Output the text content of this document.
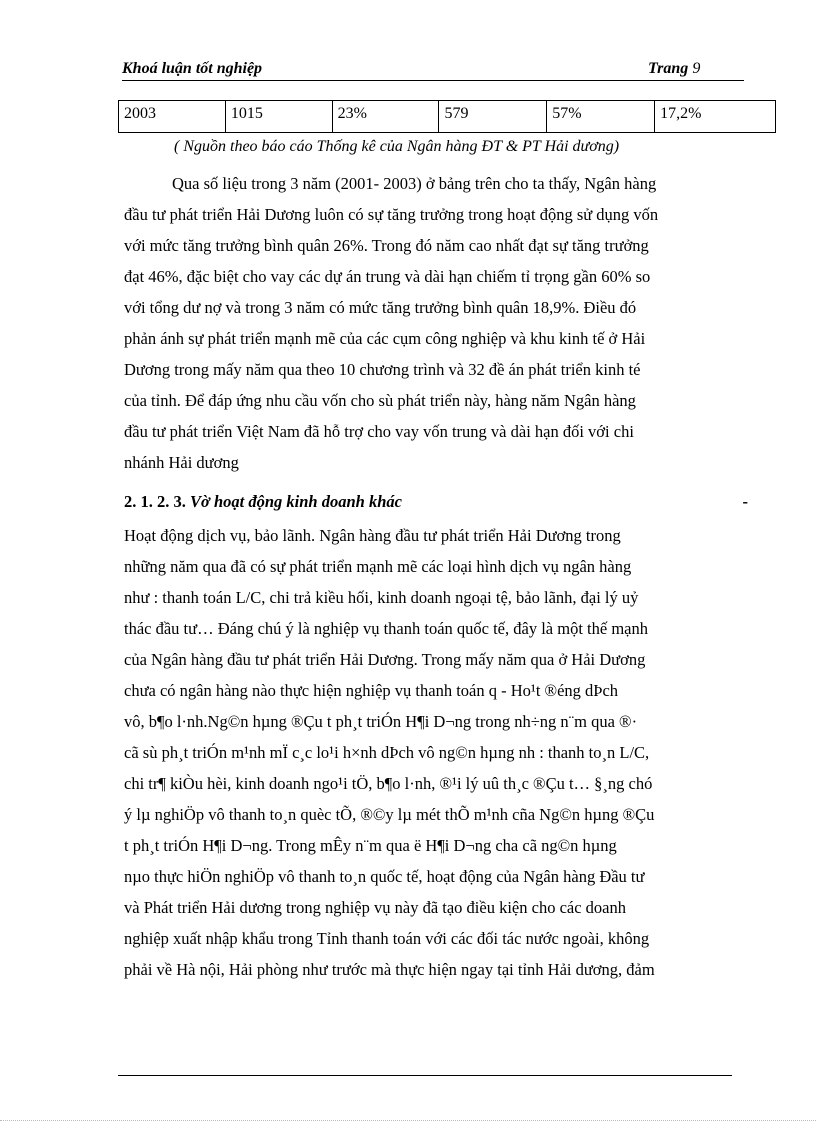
Khoá luận tốt nghiệp	Trang 9
2003	1015	23%	579	57%	17,2%
( Nguồn theo báo cáo Thống kê của Ngân hàng ĐT & PT Hải dương)
Qua số liệu trong 3 năm (2001- 2003) ở bảng trên cho ta thấy, Ngân hàng
đầu tư phát triển Hải Dương luôn có sự tăng trưởng trong hoạt động sử dụng vốn
với mức tăng trưởng bình quân 26%. Trong đó năm cao nhất đạt sự tăng trưởng
đạt 46%, đặc biệt cho vay các dự án trung và dài hạn chiếm tỉ trọng gần 60% so
với tổng dư nợ và trong 3 năm có mức tăng trưởng bình quân 18,9%. Điều đó
phản ánh sự phát triển mạnh mẽ của các cụm công nghiệp và khu kinh tế ở Hải
Dương trong mấy năm qua theo 10 chương trình và 32 đề án phát triển kinh té
của tỉnh. Để đáp ứng nhu cầu vốn cho sù phát triển này, hàng năm Ngân hàng
đầu tư phát triển Việt Nam đã hỗ trợ cho vay vốn trung và dài hạn đối với chi
nhánh Hải dương
2. 1. 2. 3. Vờ hoạt động kinh doanh khác	-
Hoạt động dịch vụ, bảo lãnh. Ngân hàng đầu tư phát triển Hải Dương trong
những năm qua đã có sự phát triển mạnh mẽ các loại hình dịch vụ ngân hàng
như : thanh toán L/C, chi trả kiều hối, kinh doanh ngoại tệ, bảo lãnh, đại lý uỷ
thác đầu tư… Đáng chú ý là nghiệp vụ thanh toán quốc tế, đây là một thế mạnh
của Ngân hàng đầu tư phát triển Hải Dương. Trong mấy năm qua ở Hải Dương
chưa có ngân hàng nào thực hiện nghiệp vụ thanh toán q - Ho¹t ®éng dÞch
vô, b¶o l·nh.Ng©n hµng ®Çu t ph¸t triÓn H¶i D¬ng trong nh÷ng n¨m qua ®·
cã sù ph¸t triÓn m¹nh mÏ c¸c lo¹i h×nh dÞch vô ng©n hµng nh : thanh to¸n L/C,
chi tr¶ kiÒu hèi, kinh doanh ngo¹i tÖ, b¶o l·nh, ®¹i lý uû th¸c ®Çu t… §¸ng chó
ý lµ nghiÖp vô thanh to¸n quèc tÕ, ®©y lµ mét thÕ m¹nh cña Ng©n hµng ®Çu
t ph¸t triÓn H¶i D¬ng. Trong mÊy n¨m qua ë H¶i D¬ng cha cã ng©n hµng
nµo thực hiÖn nghiÖp vô thanh to¸n quốc tế, hoạt động của Ngân hàng Đầu tư
và Phát triển Hải dương trong nghiệp vụ này đã tạo điều kiện cho các doanh
nghiệp xuất nhập khẩu trong Tỉnh thanh toán với các đối tác nước ngoài, không
phải về Hà nội, Hải phòng như trước mà thực hiện ngay tại tỉnh Hải dương, đảm
